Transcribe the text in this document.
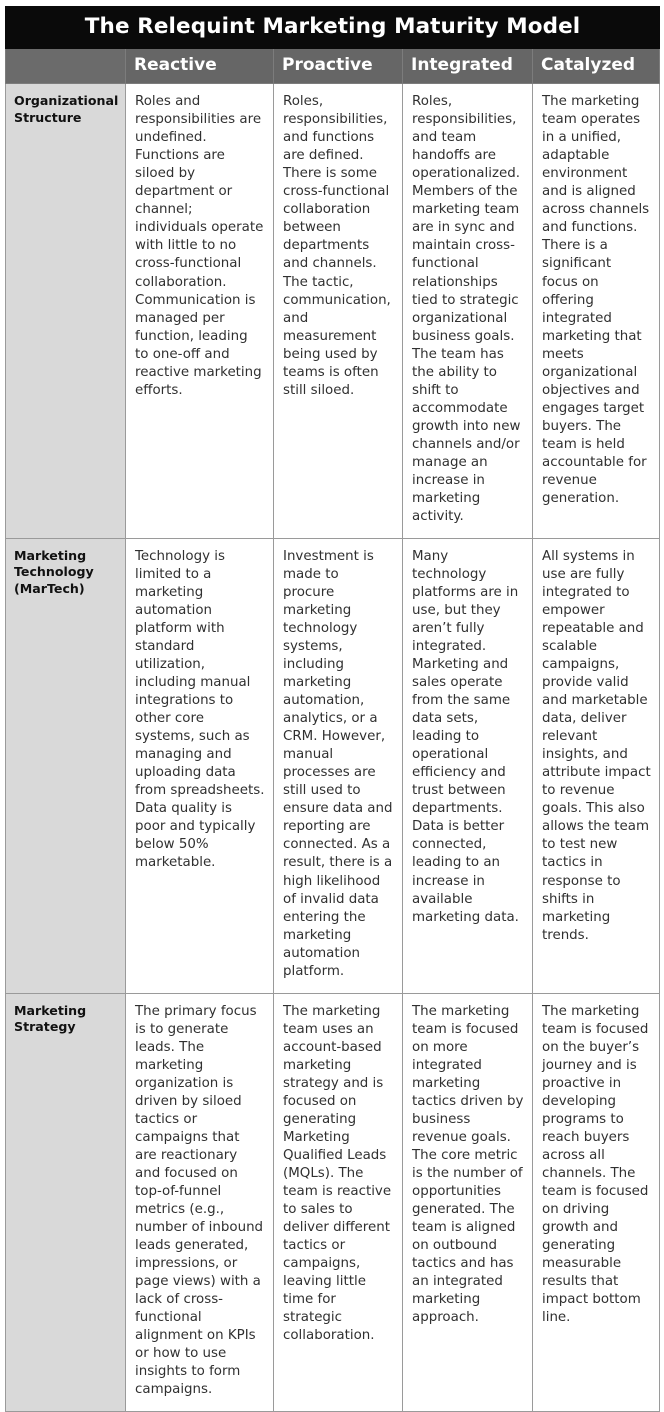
The Relequint Marketing Maturity Model				
	Reactive	Proactive	Integrated	Catalyzed
Organizational Structure	Roles and responsibilities are undefined. Functions are siloed by department or channel; individuals operate with little to no cross-functional collaboration. Communication is managed per function, leading to one-off and reactive marketing efforts.	Roles, responsibilities, and functions are defined. There is some cross-functional collaboration between departments and channels. The tactic, communication, and measurement being used by teams is often still siloed.	Roles, responsibilities, and team handoffs are operationalized. Members of the marketing team are in sync and maintain cross-functional relationships tied to strategic organizational business goals. The team has the ability to shift to accommodate growth into new channels and/or manage an increase in marketing activity.	The marketing team operates in a unified, adaptable environment and is aligned across channels and functions. There is a significant focus on offering integrated marketing that meets organizational objectives and engages target buyers. The team is held accountable for revenue generation.
Marketing Technology (MarTech)	Technology is limited to a marketing automation platform with standard utilization, including manual integrations to other core systems, such as managing and uploading data from spreadsheets. Data quality is poor and typically below 50% marketable.	Investment is made to procure marketing technology systems, including marketing automation, analytics, or a CRM. However, manual processes are still used to ensure data and reporting are connected. As a result, there is a high likelihood of invalid data entering the marketing automation platform.	Many technology platforms are in use, but they aren’t fully integrated. Marketing and sales operate from the same data sets, leading to operational efficiency and trust between departments. Data is better connected, leading to an increase in available marketing data.	All systems in use are fully integrated to empower repeatable and scalable campaigns, provide valid and marketable data, deliver relevant insights, and attribute impact to revenue goals. This also allows the team to test new tactics in response to shifts in marketing trends.
Marketing Strategy	The primary focus is to generate leads. The marketing organization is driven by siloed tactics or campaigns that are reactionary and focused on top-of-funnel metrics (e.g., number of inbound leads generated, impressions, or page views) with a lack of cross-functional alignment on KPIs or how to use insights to form campaigns.	The marketing team uses an account-based marketing strategy and is focused on generating Marketing Qualified Leads (MQLs). The team is reactive to sales to deliver different tactics or campaigns, leaving little time for strategic collaboration.	The marketing team is focused on more integrated marketing tactics driven by business revenue goals. The core metric is the number of opportunities generated. The team is aligned on outbound tactics and has an integrated marketing approach.	The marketing team is focused on the buyer’s journey and is proactive in developing programs to reach buyers across all channels. The team is focused on driving growth and generating measurable results that impact bottom line.
